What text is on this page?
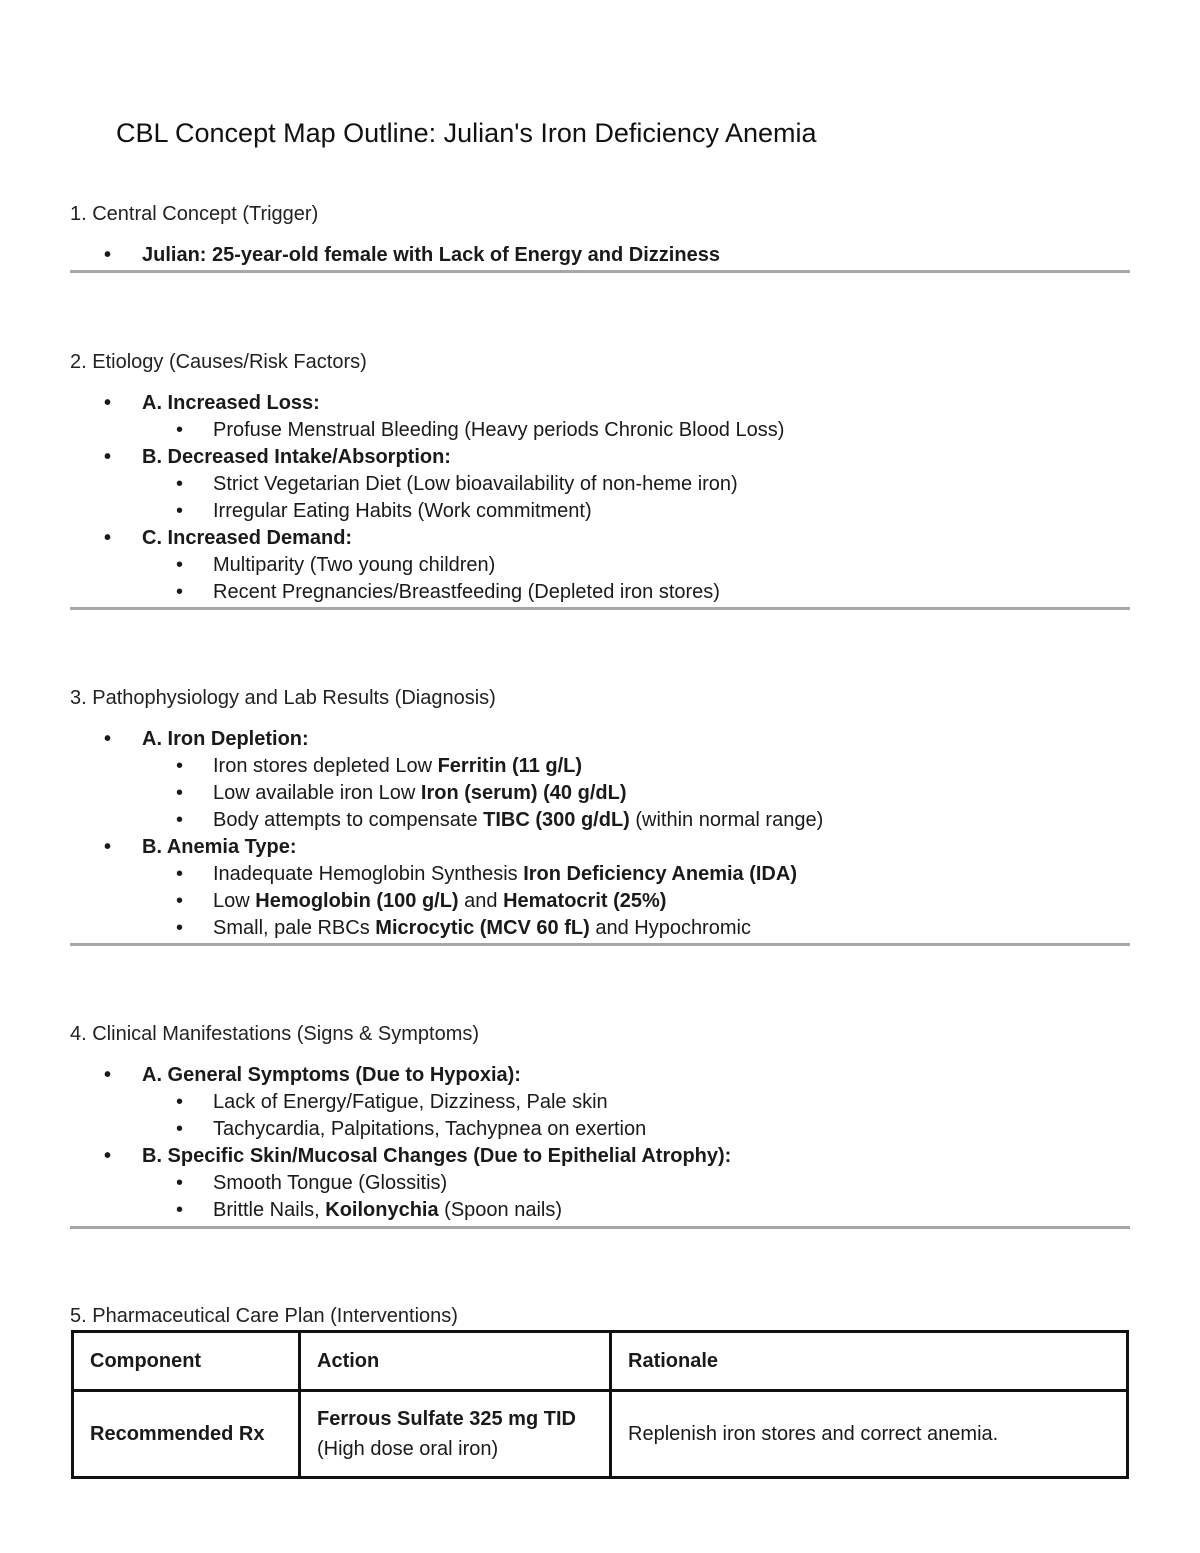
CBL Concept Map Outline: Julian's Iron Deficiency Anemia
1. Central Concept (Trigger)
• Julian: 25-year-old female with Lack of Energy and Dizziness
2. Etiology (Causes/Risk Factors)
• A. Increased Loss:
• Profuse Menstrual Bleeding (Heavy periods Chronic Blood Loss)
• B. Decreased Intake/Absorption:
• Strict Vegetarian Diet (Low bioavailability of non-heme iron)
• Irregular Eating Habits (Work commitment)
• C. Increased Demand:
• Multiparity (Two young children)
• Recent Pregnancies/Breastfeeding (Depleted iron stores)
3. Pathophysiology and Lab Results (Diagnosis)
• A. Iron Depletion:
• Iron stores depleted Low Ferritin (11 g/L)
• Low available iron Low Iron (serum) (40 g/dL)
• Body attempts to compensate TIBC (300 g/dL) (within normal range)
• B. Anemia Type:
• Inadequate Hemoglobin Synthesis Iron Deficiency Anemia (IDA)
• Low Hemoglobin (100 g/L) and Hematocrit (25%)
• Small, pale RBCs Microcytic (MCV 60 fL) and Hypochromic
4. Clinical Manifestations (Signs & Symptoms)
• A. General Symptoms (Due to Hypoxia):
• Lack of Energy/Fatigue, Dizziness, Pale skin
• Tachycardia, Palpitations, Tachypnea on exertion
• B. Specific Skin/Mucosal Changes (Due to Epithelial Atrophy):
• Smooth Tongue (Glossitis)
• Brittle Nails, Koilonychia (Spoon nails)
5. Pharmaceutical Care Plan (Interventions)
Component	Action	Rationale
Recommended Rx	Ferrous Sulfate 325 mg TID (High dose oral iron)	Replenish iron stores and correct anemia.
